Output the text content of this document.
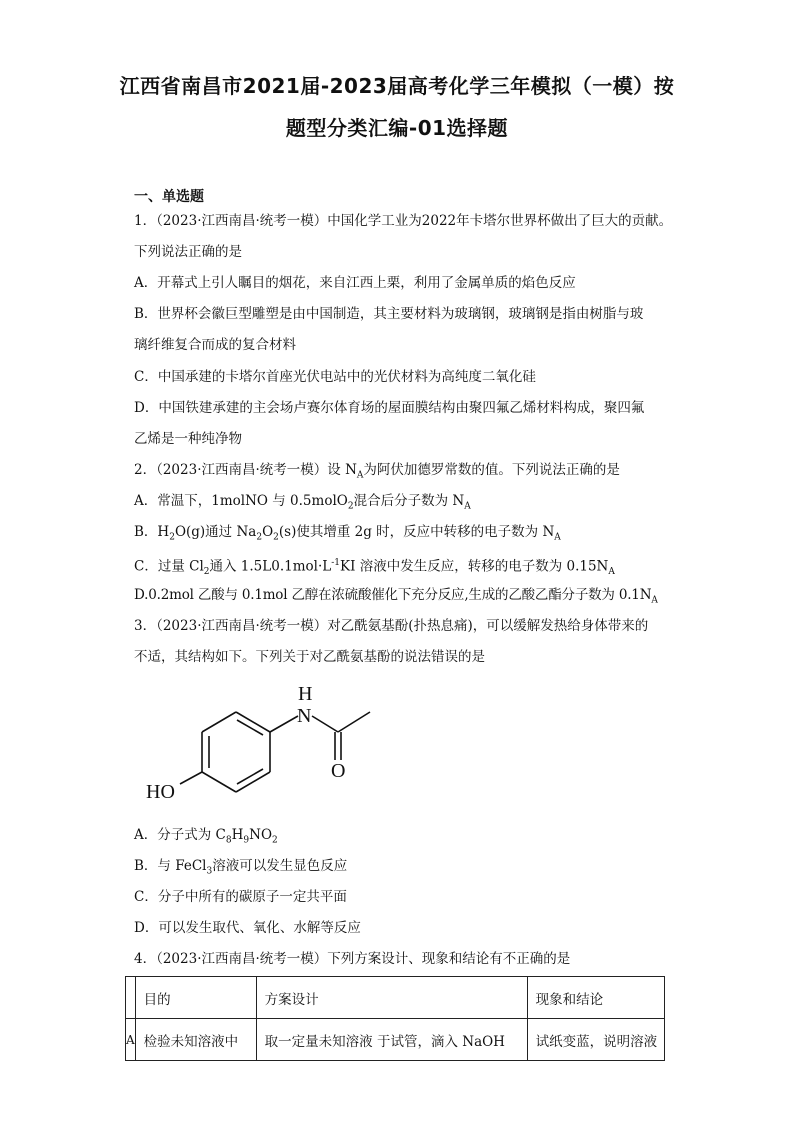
江西省南昌市2021届-2023届高考化学三年模拟（一模）按
题型分类汇编-01选择题
一、单选题
1．（2023·江西南昌·统考一模）中国化学工业为2022年卡塔尔世界杯做出了巨大的贡献。
下列说法正确的是
A．开幕式上引人瞩目的烟花，来自江西上栗，利用了金属单质的焰色反应
B．世界杯会徽巨型雕塑是由中国制造，其主要材料为玻璃钢，玻璃钢是指由树脂与玻
璃纤维复合而成的复合材料
C．中国承建的卡塔尔首座光伏电站中的光伏材料为高纯度二氧化硅
D．中国铁建承建的主会场卢赛尔体育场的屋面膜结构由聚四氟乙烯材料构成，聚四氟
乙烯是一种纯净物
2．（2023·江西南昌·统考一模）设 $N_A$为阿伏加德罗常数的值。下列说法正确的是
A．常温下，1molNO 与 0.5molO$_2$混合后分子数为 $N_A$
B．$H_2O(g)$通过 $Na_2O_2(s)$使其增重 2g 时，反应中转移的电子数为 $N_A$
C．过量 $Cl_2$通入 $1.5L0.1mol\cdot L^{-1}KI$ 溶液中发生反应，转移的电子数为 $0.15N_A$
D.0.2mol 乙酸与 0.1mol 乙醇在浓硫酸催化下充分反应,生成的乙酸乙酯分子数为 $0.1N_A$
3．（2023·江西南昌·统考一模）对乙酰氨基酚(扑热息痛)，可以缓解发热给身体带来的
不适，其结构如下。下列关于对乙酰氨基酚的说法错误的是
H
N
O
HO
A．分子式为 $C_8H_9NO_2$
B．与 FeCl$_3$溶液可以发生显色反应
C．分子中所有的碳原子一定共平面
D．可以发生取代、氧化、水解等反应
4．（2023·江西南昌·统考一模）下列方案设计、现象和结论有不正确的是
	目的	方案设计	现象和结论
A	检验未知溶液中	取一定量未知溶液 于试管，滴入 NaOH	试纸变蓝，说明溶液
